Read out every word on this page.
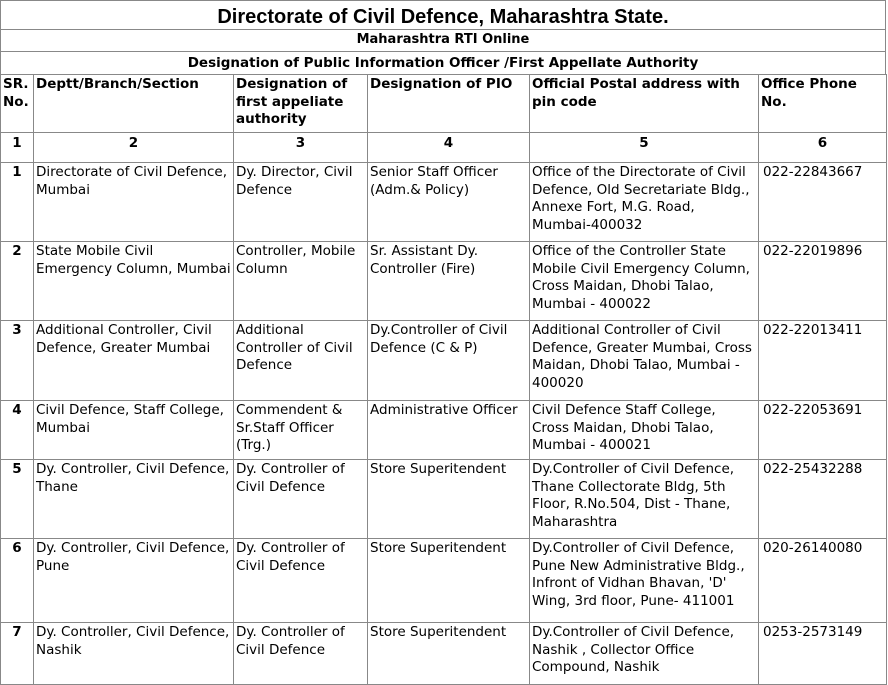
Directorate of Civil Defence, Maharashtra State.
Maharashtra RTI Online
Designation of Public Information Officer /First Appellate Authority
SR. No.	Deptt/Branch/Section	Designation of first appeliate authority	Designation of PIO	Official Postal address with pin code	Office Phone No.
1	2	3	4	5	6
1	Directorate of Civil Defence, Mumbai	Dy. Director, Civil Defence	Senior Staff Officer (Adm.& Policy)	Office of the Directorate of Civil Defence, Old Secretariate Bldg., Annexe Fort, M.G. Road, Mumbai-400032	022-22843667
2	State Mobile Civil Emergency Column, Mumbai	Controller, Mobile Column	Sr. Assistant Dy. Controller (Fire)	Office of the Controller State Mobile Civil Emergency Column, Cross Maidan, Dhobi Talao, Mumbai - 400022	022-22019896
3	Additional Controller, Civil Defence, Greater Mumbai	Additional Controller of Civil Defence	Dy.Controller of Civil Defence (C & P)	Additional Controller of Civil Defence, Greater Mumbai, Cross Maidan, Dhobi Talao, Mumbai - 400020	022-22013411
4	Civil Defence, Staff College, Mumbai	Commendent & Sr.Staff Officer (Trg.)	Administrative Officer	Civil Defence Staff College, Cross Maidan, Dhobi Talao, Mumbai - 400021	022-22053691
5	Dy. Controller, Civil Defence, Thane	Dy. Controller of Civil Defence	Store Superitendent	Dy.Controller of Civil Defence, Thane Collectorate Bldg, 5th Floor, R.No.504, Dist - Thane, Maharashtra	022-25432288
6	Dy. Controller, Civil Defence, Pune	Dy. Controller of Civil Defence	Store Superitendent	Dy.Controller of Civil Defence, Pune New Administrative Bldg., Infront of Vidhan Bhavan, 'D' Wing, 3rd floor, Pune- 411001	020-26140080
7	Dy. Controller, Civil Defence, Nashik	Dy. Controller of Civil Defence	Store Superitendent	Dy.Controller of Civil Defence, Nashik , Collector Office Compound, Nashik	0253-2573149
